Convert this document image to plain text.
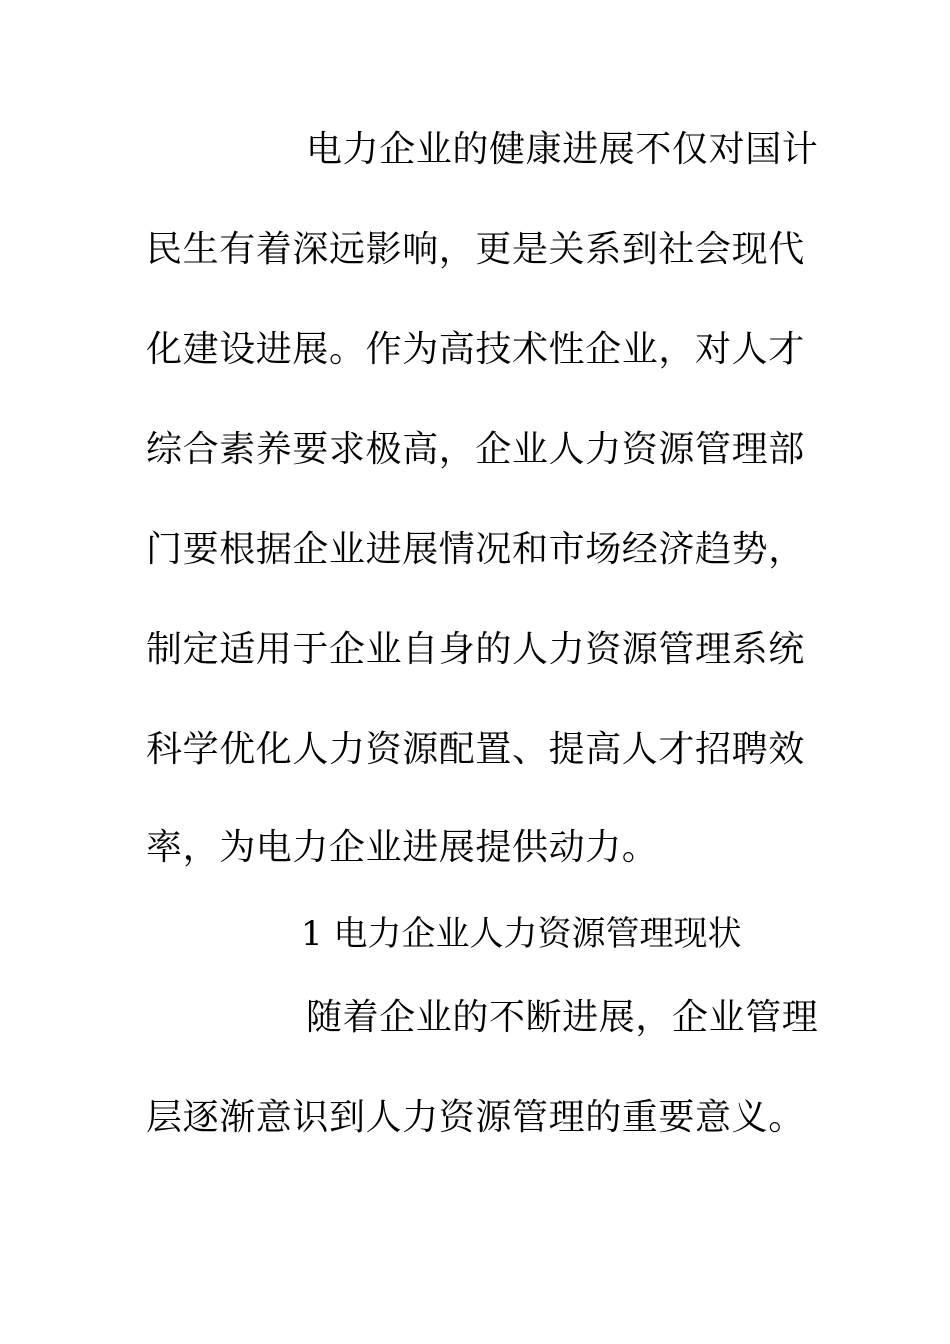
电力企业的健康进展不仅对国计
民生有着深远影响，更是关系到社会现代
化建设进展。作为高技术性企业，对人才
综合素养要求极高，企业人力资源管理部
门要根据企业进展情况和市场经济趋势，
制定适用于企业自身的人力资源管理系统
科学优化人力资源配置、提高人才招聘效
率，为电力企业进展提供动力。
1 电力企业人力资源管理现状
随着企业的不断进展，企业管理
层逐渐意识到人力资源管理的重要意义。
